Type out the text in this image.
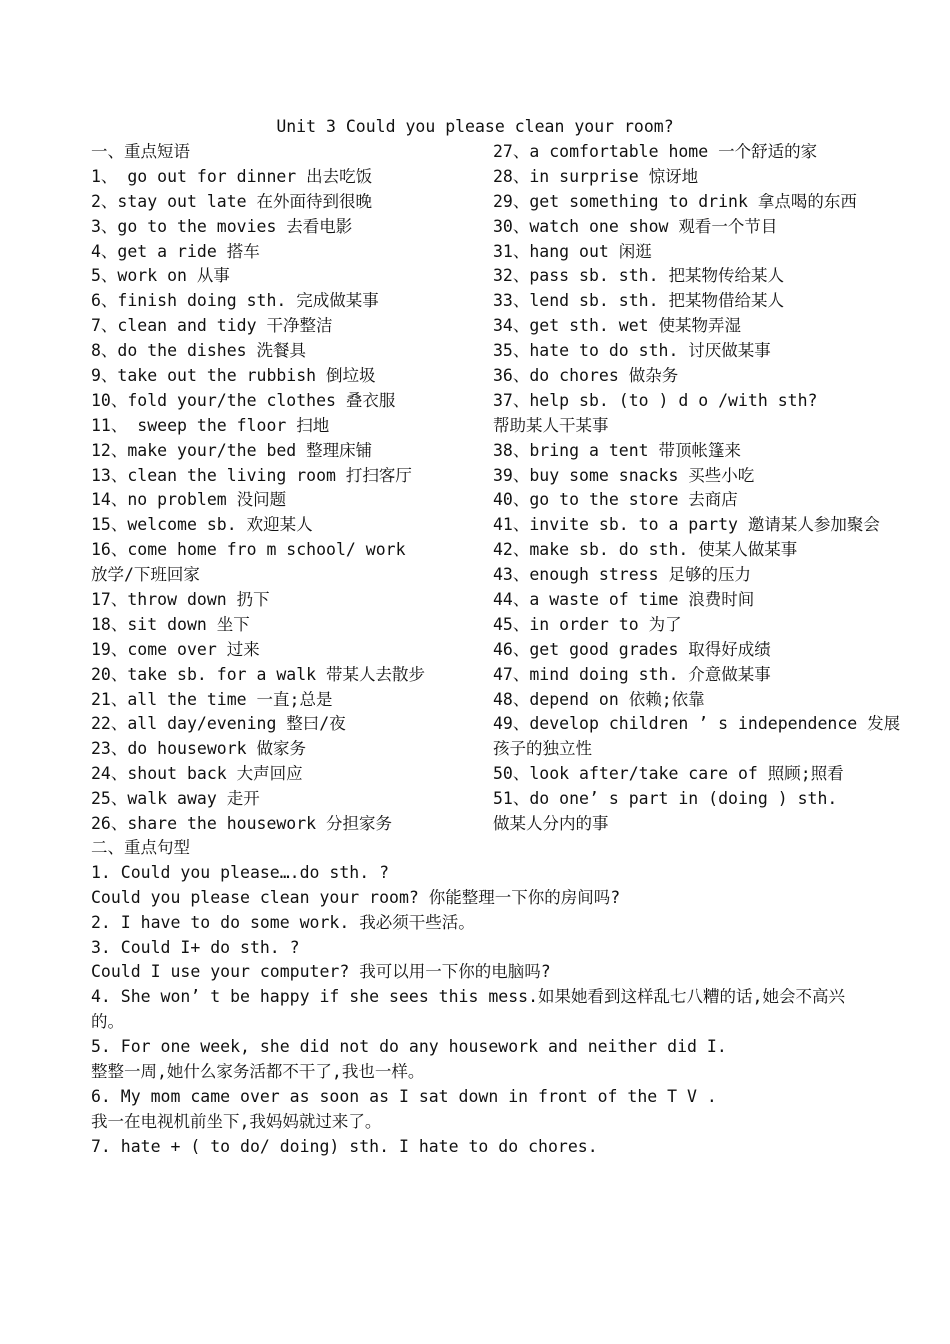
Unit 3 Could you please clean your room?
一、重点短语
1、 go out for dinner 出去吃饭
2、stay out late 在外面待到很晚
3、go to the movies 去看电影
4、get a ride 搭车
5、work on 从事
6、finish doing sth. 完成做某事
7、clean and tidy 干净整洁
8、do the dishes 洗餐具
9、take out the rubbish 倒垃圾
10、fold your/the clothes 叠衣服
11、 sweep the floor 扫地
12、make your/the bed 整理床铺
13、clean the living room 打扫客厅
14、no problem 没问题
15、welcome sb. 欢迎某人
16、come home fro m school/ work
放学/下班回家
17、throw down 扔下
18、sit down 坐下
19、come over 过来
20、take sb. for a walk 带某人去散步
21、all the time 一直;总是
22、all day/evening 整曰/夜
23、do housework 做家务
24、shout back 大声回应
25、walk away 走开
26、share the housework 分担家务
27、a comfortable home 一个舒适的家
28、in surprise 惊讶地
29、get something to drink 拿点喝的东西
30、watch one show 观看一个节目
31、hang out 闲逛
32、pass sb. sth. 把某物传给某人
33、lend sb. sth. 把某物借给某人
34、get sth. wet 使某物弄湿
35、hate to do sth. 讨厌做某事
36、do chores 做杂务
37、help sb. (to ) d o /with sth?
帮助某人干某事
38、bring a tent 带顶帐篷来
39、buy some snacks 买些小吃
40、go to the store 去商店
41、invite sb. to a party 邀请某人参加聚会
42、make sb. do sth. 使某人做某事
43、enough stress 足够的压力
44、a waste of time 浪费时间
45、in order to 为了
46、get good grades 取得好成绩
47、mind doing sth. 介意做某事
48、depend on 依赖;依靠
49、develop children ’ s independence 发展
孩子的独立性
50、look after/take care of 照顾;照看
51、do one’ s part in (doing ) sth.
做某人分内的事
二、重点句型
1. Could you please….do sth. ?
Could you please clean your room? 你能整理一下你的房间吗?
2. I have to do some work. 我必须干些活。
3. Could I+ do sth. ?
Could I use your computer? 我可以用一下你的电脑吗?
4. She won’ t be happy if she sees this mess.如果她看到这样乱七八糟的话,她会不高兴
的。
5. For one week, she did not do any housework and neither did I.
整整一周,她什么家务活都不干了,我也一样。
6. My mom came over as soon as I sat down in front of the T V .
我一在电视机前坐下,我妈妈就过来了。
7. hate + ( to do/ doing) sth. I hate to do chores.
